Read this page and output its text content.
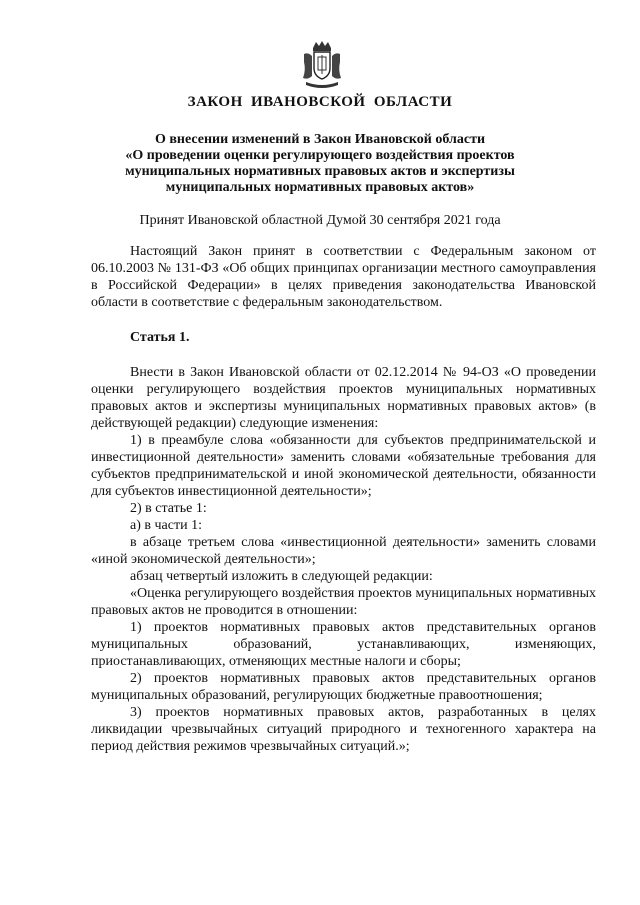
ЗАКОН ИВАНОВСКОЙ ОБЛАСТИ
О внесении изменений в Закон Ивановской области
«О проведении оценки регулирующего воздействия проектов
муниципальных нормативных правовых актов и экспертизы
муниципальных нормативных правовых актов»
Принят Ивановской областной Думой 30 сентября 2021 года

Настоящий Закон принят в соответствии с Федеральным законом от 06.10.2003 № 131-ФЗ «Об общих принципах организации местного самоуправления в Российской Федерации» в целях приведения законодательства Ивановской области в соответствие с федеральным законодательством.

Статья 1.

Внести в Закон Ивановской области от 02.12.2014 № 94-ОЗ «О проведении оценки регулирующего воздействия проектов муниципальных нормативных правовых актов и экспертизы муниципальных нормативных правовых актов» (в действующей редакции) следующие изменения:

1) в преамбуле слова «обязанности для субъектов предпринимательской и инвестиционной деятельности» заменить словами «обязательные требования для субъектов предпринимательской и иной экономической деятельности, обязанности для субъектов инвестиционной деятельности»;

2) в статье 1:

а) в части 1:

в абзаце третьем слова «инвестиционной деятельности» заменить словами «иной экономической деятельности»;

абзац четвертый изложить в следующей редакции:

«Оценка регулирующего воздействия проектов муниципальных нормативных правовых актов не проводится в отношении:

1) проектов нормативных правовых актов представительных органов муниципальных образований, устанавливающих, изменяющих, приостанавливающих, отменяющих местные налоги и сборы;

2) проектов нормативных правовых актов представительных органов муниципальных образований, регулирующих бюджетные правоотношения;

3) проектов нормативных правовых актов, разработанных в целях ликвидации чрезвычайных ситуаций природного и техногенного характера на период действия режимов чрезвычайных ситуаций.»;
